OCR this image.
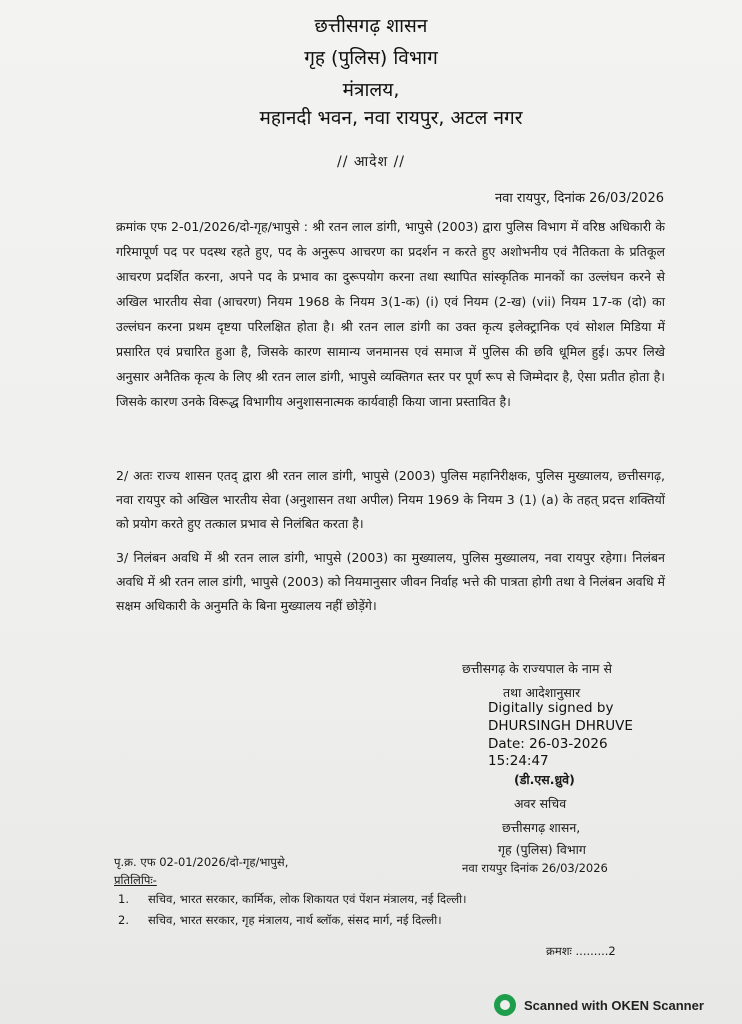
छत्तीसगढ़ शासन
गृह (पुलिस) विभाग
मंत्रालय,
महानदी भवन, नवा रायपुर, अटल नगर
// आदेश //
नवा रायपुर, दिनांक 26/03/2026
क्रमांक एफ 2-01/2026/दो-गृह/भापुसे : श्री रतन लाल डांगी, भापुसे (2003) द्वारा पुलिस विभाग में वरिष्ठ अधिकारी के गरिमापूर्ण पद पर पदस्थ रहते हुए, पद के अनुरूप आचरण का प्रदर्शन न करते हुए अशोभनीय एवं नैतिकता के प्रतिकूल आचरण प्रदर्शित करना, अपने पद के प्रभाव का दुरूपयोग करना तथा स्थापित सांस्कृतिक मानकों का उल्लंघन करने से अखिल भारतीय सेवा (आचरण) नियम 1968 के नियम 3(1-क) (i) एवं नियम (2-ख) (vii) नियम 17-क (दो) का उल्लंघन करना प्रथम दृष्टया परिलक्षित होता है। श्री रतन लाल डांगी का उक्त कृत्य इलेक्ट्रानिक एवं सोशल मिडिया में प्रसारित एवं प्रचारित हुआ है, जिसके कारण सामान्य जनमानस एवं समाज में पुलिस की छवि धूमिल हुई। ऊपर लिखे अनुसार अनैतिक कृत्य के लिए श्री रतन लाल डांगी, भापुसे व्यक्तिगत स्तर पर पूर्ण रूप से जिम्मेदार है, ऐसा प्रतीत होता है। जिसके कारण उनके विरूद्ध विभागीय अनुशासनात्मक कार्यवाही किया जाना प्रस्तावित है।
2/ अतः राज्य शासन एतद् द्वारा श्री रतन लाल डांगी, भापुसे (2003) पुलिस महानिरीक्षक, पुलिस मुख्यालय, छत्तीसगढ़, नवा रायपुर को अखिल भारतीय सेवा (अनुशासन तथा अपील) नियम 1969 के नियम 3 (1) (a) के तहत् प्रदत्त शक्तियों को प्रयोग करते हुए तत्काल प्रभाव से निलंबित करता है।
3/ निलंबन अवधि में श्री रतन लाल डांगी, भापुसे (2003) का मुख्यालय, पुलिस मुख्यालय, नवा रायपुर रहेगा। निलंबन अवधि में श्री रतन लाल डांगी, भापुसे (2003) को नियमानुसार जीवन निर्वाह भत्ते की पात्रता होगी तथा वे निलंबन अवधि में सक्षम अधिकारी के अनुमति के बिना मुख्यालय नहीं छोड़ेंगे।
छत्तीसगढ़ के राज्यपाल के नाम से
तथा आदेशानुसार
Digitally signed by
DHURSINGH DHRUVE
Date: 26-03-2026
15:24:47
(डी.एस.ध्रुवे)
अवर सचिव
छत्तीसगढ़ शासन,
गृह (पुलिस) विभाग
पृ.क्र. एफ 02-01/2026/दो-गृह/भापुसे,	नवा रायपुर दिनांक 26/03/2026
प्रतिलिपिः-
1. सचिव, भारत सरकार, कार्मिक, लोक शिकायत एवं पेंशन मंत्रालय, नई दिल्ली।
2. सचिव, भारत सरकार, गृह मंत्रालय, नार्थ ब्लॉक, संसद मार्ग, नई दिल्ली।
क्रमशः .........2
Scanned with OKEN Scanner
